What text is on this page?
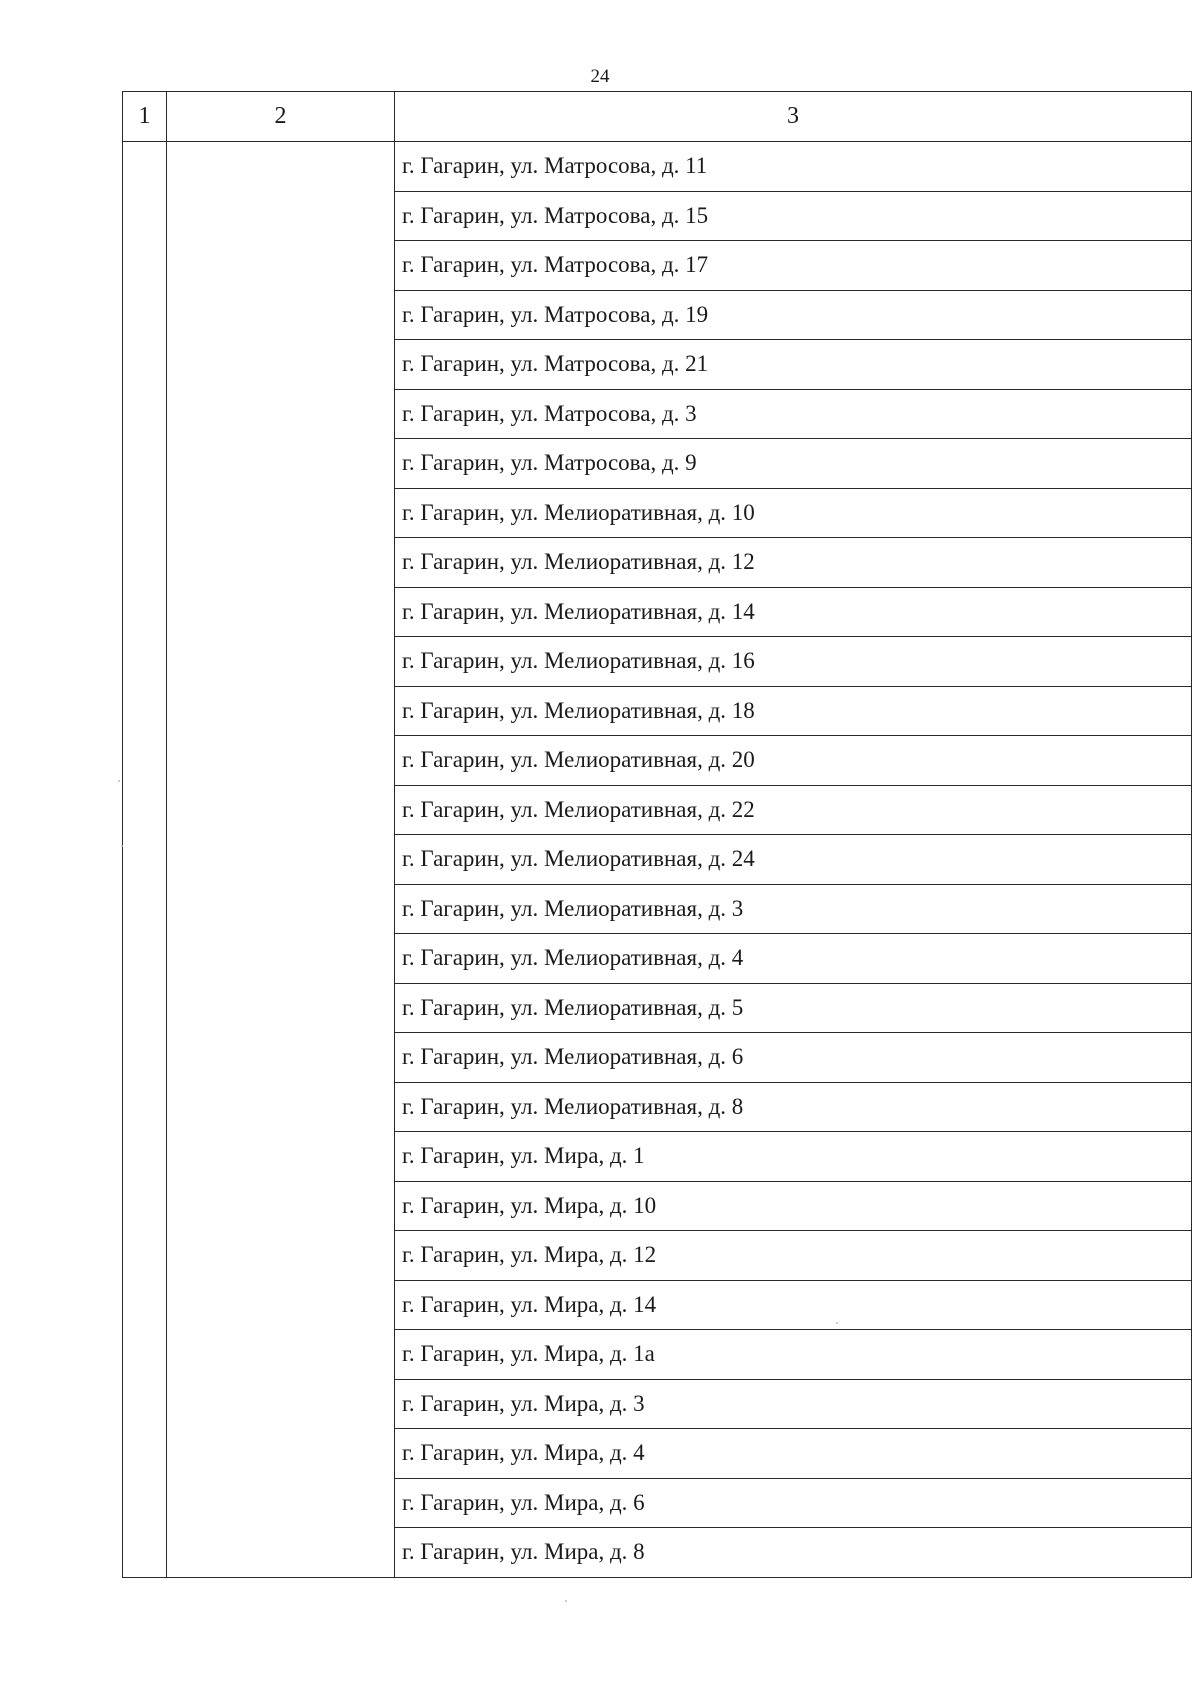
24
1	2	3
		г. Гагарин, ул. Матросова, д. 11
		г. Гагарин, ул. Матросова, д. 15
		г. Гагарин, ул. Матросова, д. 17
		г. Гагарин, ул. Матросова, д. 19
		г. Гагарин, ул. Матросова, д. 21
		г. Гагарин, ул. Матросова, д. 3
		г. Гагарин, ул. Матросова, д. 9
		г. Гагарин, ул. Мелиоративная, д. 10
		г. Гагарин, ул. Мелиоративная, д. 12
		г. Гагарин, ул. Мелиоративная, д. 14
		г. Гагарин, ул. Мелиоративная, д. 16
		г. Гагарин, ул. Мелиоративная, д. 18
		г. Гагарин, ул. Мелиоративная, д. 20
		г. Гагарин, ул. Мелиоративная, д. 22
		г. Гагарин, ул. Мелиоративная, д. 24
		г. Гагарин, ул. Мелиоративная, д. 3
		г. Гагарин, ул. Мелиоративная, д. 4
		г. Гагарин, ул. Мелиоративная, д. 5
		г. Гагарин, ул. Мелиоративная, д. 6
		г. Гагарин, ул. Мелиоративная, д. 8
		г. Гагарин, ул. Мира, д. 1
		г. Гагарин, ул. Мира, д. 10
		г. Гагарин, ул. Мира, д. 12
		г. Гагарин, ул. Мира, д. 14
		г. Гагарин, ул. Мира, д. 1а
		г. Гагарин, ул. Мира, д. 3
		г. Гагарин, ул. Мира, д. 4
		г. Гагарин, ул. Мира, д. 6
		г. Гагарин, ул. Мира, д. 8
